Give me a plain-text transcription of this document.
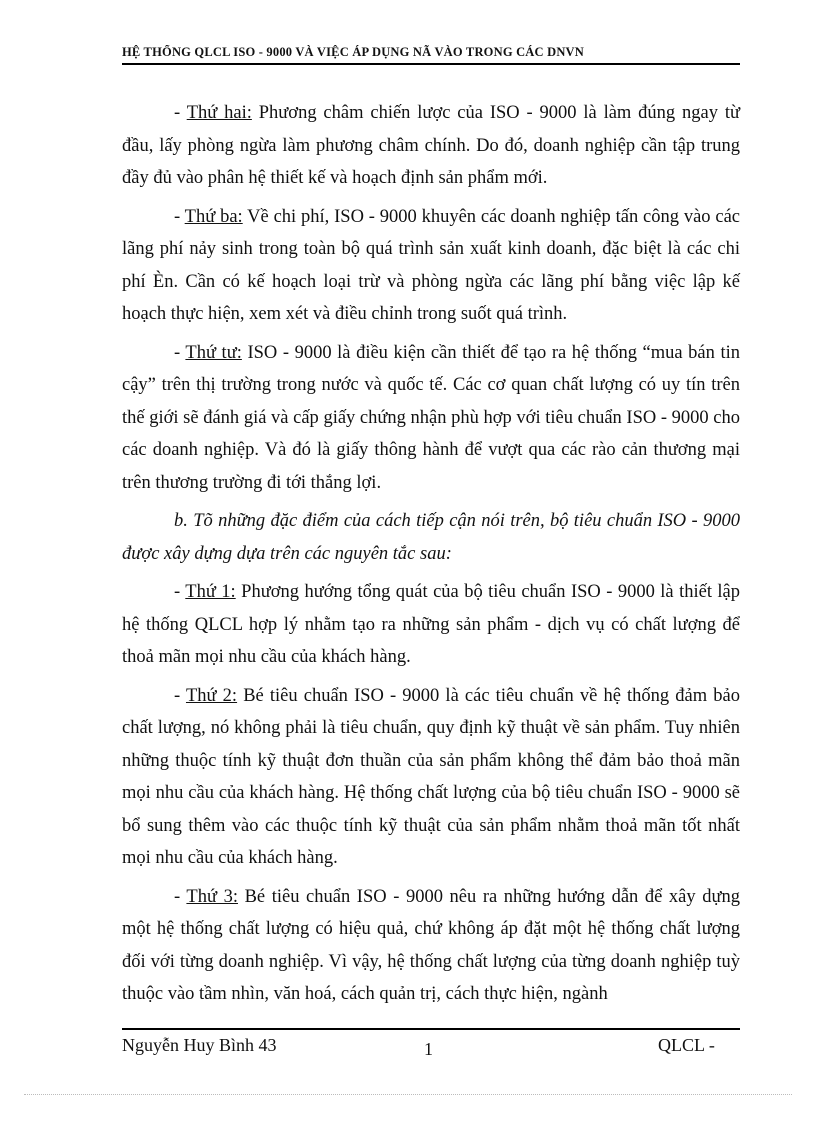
HỆ THỐNG QLCL ISO - 9000 VÀ VIỆC ÁP DỤNG NÃ VÀO TRONG CÁC DNVN

- Thứ hai: Phương châm chiến lược của ISO - 9000 là làm đúng ngay từ đầu, lấy phòng ngừa làm phương châm chính. Do đó, doanh nghiệp cần tập trung đầy đủ vào phân hệ thiết kế và hoạch định sản phẩm mới.

- Thứ ba: Về chi phí, ISO - 9000 khuyên các doanh nghiệp tấn công vào các lãng phí nảy sinh trong toàn bộ quá trình sản xuất kinh doanh, đặc biệt là các chi phí Èn. Cần có kế hoạch loại trừ và phòng ngừa các lãng phí bằng việc lập kế hoạch thực hiện, xem xét và điều chỉnh trong suốt quá trình.

- Thứ tư: ISO - 9000 là điều kiện cần thiết để tạo ra hệ thống “mua bán tin cậy” trên thị trường trong nước và quốc tế. Các cơ quan chất lượng có uy tín trên thế giới sẽ đánh giá và cấp giấy chứng nhận phù hợp với tiêu chuẩn ISO - 9000 cho các doanh nghiệp. Và đó là giấy thông hành để vượt qua các rào cản thương mại trên thương trường đi tới thắng lợi.

b. Tõ những đặc điểm của cách tiếp cận nói trên, bộ tiêu chuẩn ISO - 9000 được xây dựng dựa trên các nguyên tắc sau:

- Thứ 1: Phương hướng tổng quát của bộ tiêu chuẩn ISO - 9000 là thiết lập hệ thống QLCL hợp lý nhằm tạo ra những sản phẩm - dịch vụ có chất lượng để thoả mãn mọi nhu cầu của khách hàng.

- Thứ 2: Bé tiêu chuẩn ISO - 9000 là các tiêu chuẩn về hệ thống đảm bảo chất lượng, nó không phải là tiêu chuẩn, quy định kỹ thuật về sản phẩm. Tuy nhiên những thuộc tính kỹ thuật đơn thuần của sản phẩm không thể đảm bảo thoả mãn mọi nhu cầu của khách hàng. Hệ thống chất lượng của bộ tiêu chuẩn ISO - 9000 sẽ bổ sung thêm vào các thuộc tính kỹ thuật của sản phẩm nhằm thoả mãn tốt nhất mọi nhu cầu của khách hàng.

- Thứ 3: Bé tiêu chuẩn ISO - 9000 nêu ra những hướng dẫn để xây dựng một hệ thống chất lượng có hiệu quả, chứ không áp đặt một hệ thống chất lượng đối với từng doanh nghiệp. Vì vậy, hệ thống chất lượng của từng doanh nghiệp tuỳ thuộc vào tầm nhìn, văn hoá, cách quản trị, cách thực hiện, ngành

Nguyễn Huy Bình 43	1	QLCL -
